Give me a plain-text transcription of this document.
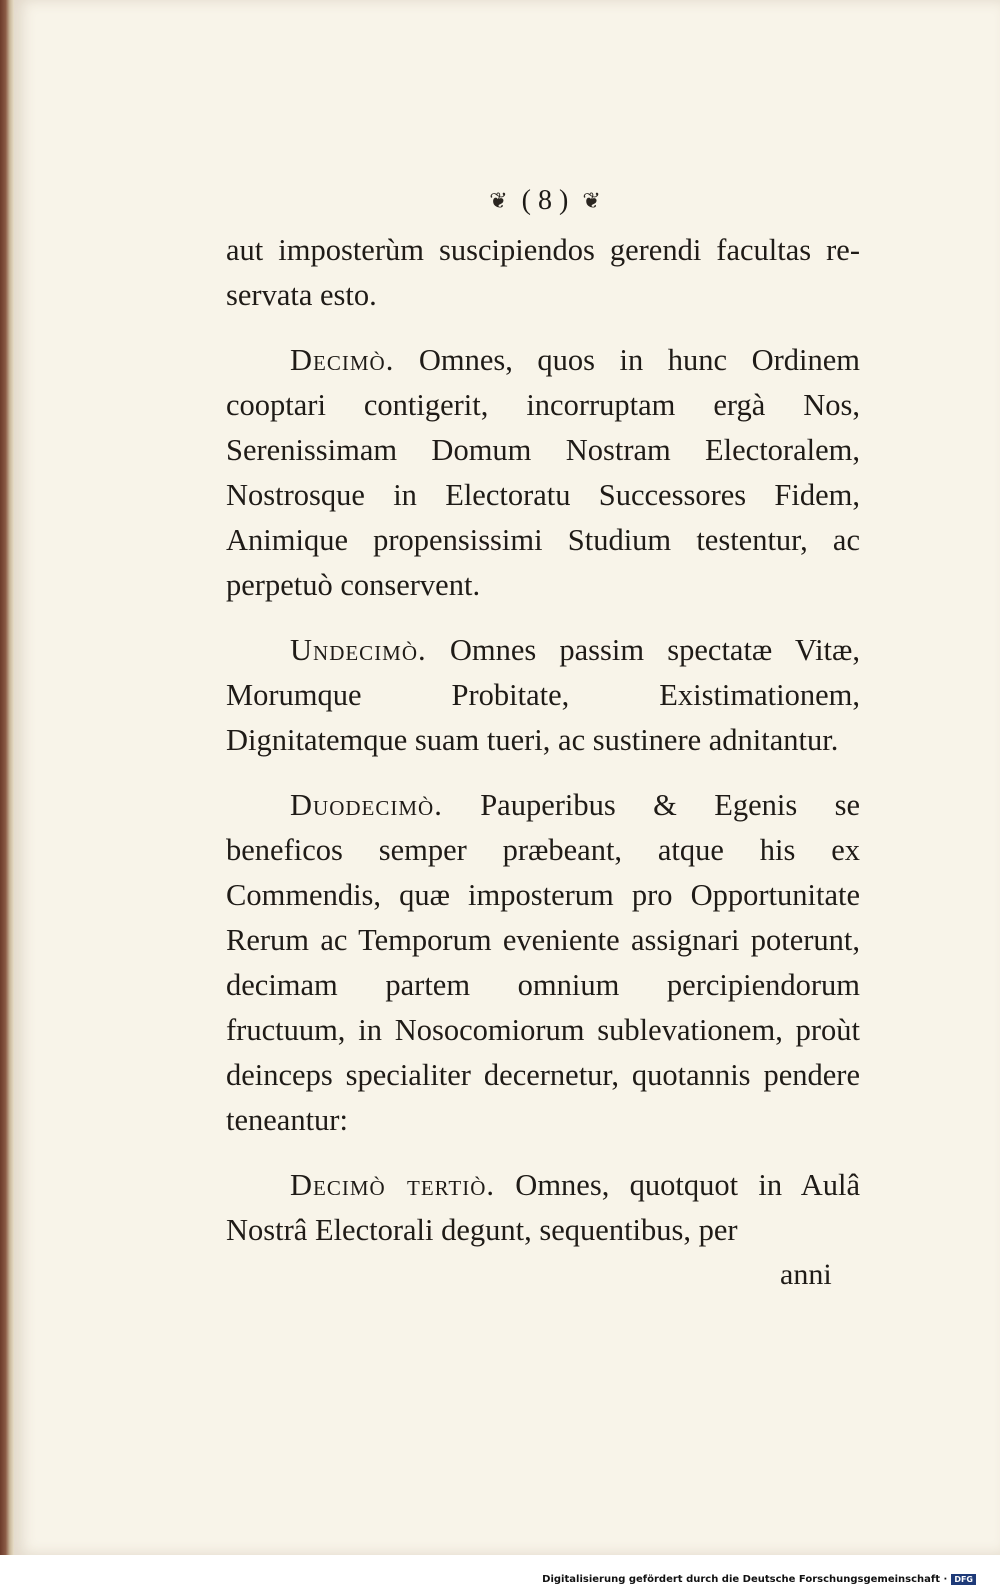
❦ ( 8 ) ❦

aut imposterùm suscipiendos gerendi facultas re-servata esto.

Decimò. Omnes, quos in hunc Ordinem cooptari contigerit, incorruptam ergà Nos, Serenissimam Domum Nostram Electoralem, Nostrosque in Electoratu Successores Fidem, Animique propensissimi Studium testentur, ac perpetuò conservent.

Undecimò. Omnes passim spectatæ Vitæ, Morumque Probitate, Existimationem, Dignitatemque suam tueri, ac sustinere adnitantur.

Duodecimò. Pauperibus & Egenis se beneficos semper præbeant, atque his ex Commendis, quæ imposterum pro Opportunitate Rerum ac Temporum eveniente assignari poterunt, decimam partem omnium percipiendorum fructuum, in Nosocomiorum sublevationem, proùt deinceps specialiter decernetur, quotannis pendere teneantur:

Decimò tertiò. Omnes, quotquot in Aulâ Nostrâ Electorali degunt, sequentibus, per

anni
Digitalisierung gefördert durch die Deutsche Forschungsgemeinschaft · DFG
